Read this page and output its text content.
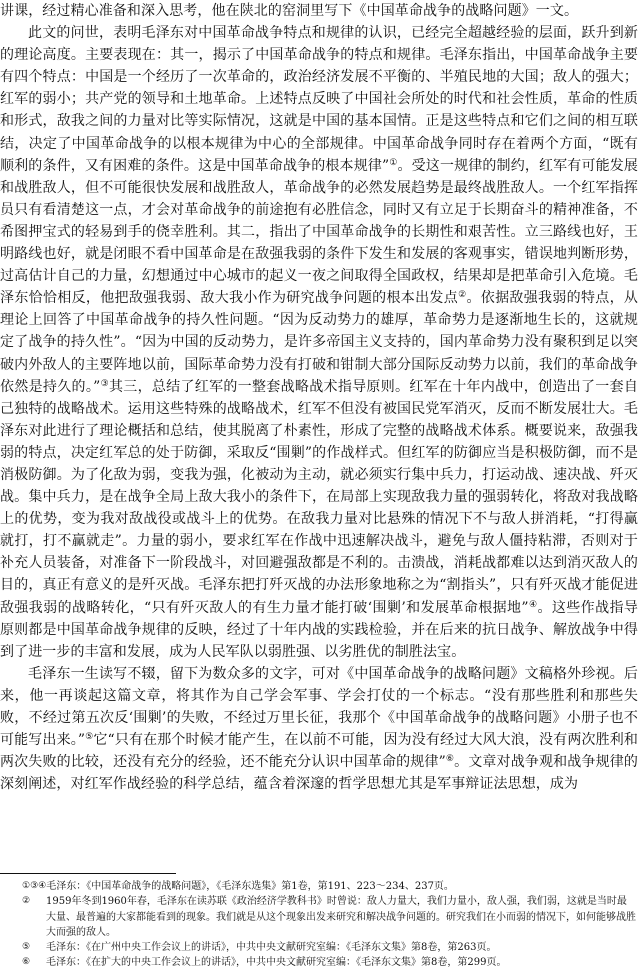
讲课，经过精心准备和深入思考，他在陕北的窑洞里写下《中国革命战争的战略问题》一文。

此文的问世，表明毛泽东对中国革命战争特点和规律的认识，已经完全超越经验的层面，跃升到新的理论高度。主要表现在：其一，揭示了中国革命战争的特点和规律。毛泽东指出，中国革命战争主要有四个特点：中国是一个经历了一次革命的，政治经济发展不平衡的、半殖民地的大国；敌人的强大；红军的弱小；共产党的领导和土地革命。上述特点反映了中国社会所处的时代和社会性质，革命的性质和形式，敌我之间的力量对比等实际情况，这就是中国的基本国情。正是这些特点和它们之间的相互联结，决定了中国革命战争的以根本规律为中心的全部规律。中国革命战争同时存在着两个方面，“既有顺利的条件，又有困难的条件。这是中国革命战争的根本规律”①。受这一规律的制约，红军有可能发展和战胜敌人，但不可能很快发展和战胜敌人，革命战争的必然发展趋势是最终战胜敌人。一个红军指挥员只有看清楚这一点，才会对革命战争的前途抱有必胜信念，同时又有立足于长期奋斗的精神准备，不希图押宝式的轻易到手的侥幸胜利。其二，指出了中国革命战争的长期性和艰苦性。立三路线也好，王明路线也好，就是闭眼不看中国革命是在敌强我弱的条件下发生和发展的客观事实，错误地判断形势，过高估计自己的力量，幻想通过中心城市的起义一夜之间取得全国政权，结果却是把革命引入危境。毛泽东恰恰相反，他把敌强我弱、敌大我小作为研究战争问题的根本出发点②。依据敌强我弱的特点，从理论上回答了中国革命战争的持久性问题。“因为反动势力的雄厚，革命势力是逐渐地生长的，这就规定了战争的持久性”。“因为中国的反动势力，是许多帝国主义支持的，国内革命势力没有聚积到足以突破内外敌人的主要阵地以前，国际革命势力没有打破和钳制大部分国际反动势力以前，我们的革命战争依然是持久的。”③其三，总结了红军的一整套战略战术指导原则。红军在十年内战中，创造出了一套自己独特的战略战术。运用这些特殊的战略战术，红军不但没有被国民党军消灭，反而不断发展壮大。毛泽东对此进行了理论概括和总结，使其脱离了朴素性，形成了完整的战略战术体系。概要说来，敌强我弱的特点，决定红军总的处于防御，采取反“围剿”的作战样式。但红军的防御应当是积极防御，而不是消极防御。为了化敌为弱，变我为强，化被动为主动，就必须实行集中兵力，打运动战、速决战、歼灭战。集中兵力，是在战争全局上敌大我小的条件下，在局部上实现敌我力量的强弱转化，将敌对我战略上的优势，变为我对敌战役或战斗上的优势。在敌我力量对比悬殊的情况下不与敌人拼消耗，“打得赢就打，打不赢就走”。力量的弱小，要求红军在作战中迅速解决战斗，避免与敌人僵持粘滞，否则对于补充人员装备，对准备下一阶段战斗，对回避强敌都是不利的。击溃战，消耗战都难以达到消灭敌人的目的，真正有意义的是歼灭战。毛泽东把打歼灭战的办法形象地称之为“割指头”，只有歼灭战才能促进敌强我弱的战略转化，“只有歼灭敌人的有生力量才能打破‘围剿’和发展革命根据地”④。这些作战指导原则都是中国革命战争规律的反映，经过了十年内战的实践检验，并在后来的抗日战争、解放战争中得到了进一步的丰富和发展，成为人民军队以弱胜强、以劣胜优的制胜法宝。

毛泽东一生读写不辍，留下为数众多的文字，可对《中国革命战争的战略问题》文稿格外珍视。后来，他一再谈起这篇文章，将其作为自己学会军事、学会打仗的一个标志。“没有那些胜利和那些失败，不经过第五次反‘围剿’的失败，不经过万里长征，我那个《中国革命战争的战略问题》小册子也不可能写出来。”⑤它“只有在那个时候才能产生，在以前不可能，因为没有经过大风大浪，没有两次胜利和两次失败的比较，还没有充分的经验，还不能充分认识中国革命的规律”⑥。文章对战争观和战争规律的深刻阐述，对红军作战经验的科学总结，蕴含着深邃的哲学思想尤其是军事辩证法思想，成为

①③④ 毛泽东：《中国革命战争的战略问题》，《毛泽东选集》第1卷，第191、223～234、237页。
②	1959年冬到1960年春，毛泽东在读苏联《政治经济学教科书》时曾说：敌人力量大，我们力量小，敌人强，我们弱，这就是当时最大量、最普遍的大家都能看到的现象。我们就是从这个现象出发来研究和解决战争问题的。研究我们在小而弱的情况下，如何能够战胜大而强的敌人。
⑤	毛泽东：《在广州中央工作会议上的讲话》，中共中央文献研究室编：《毛泽东文集》第8卷，第263页。
⑥	毛泽东：《在扩大的中央工作会议上的讲话》，中共中央文献研究室编：《毛泽东文集》第8卷，第299页。
